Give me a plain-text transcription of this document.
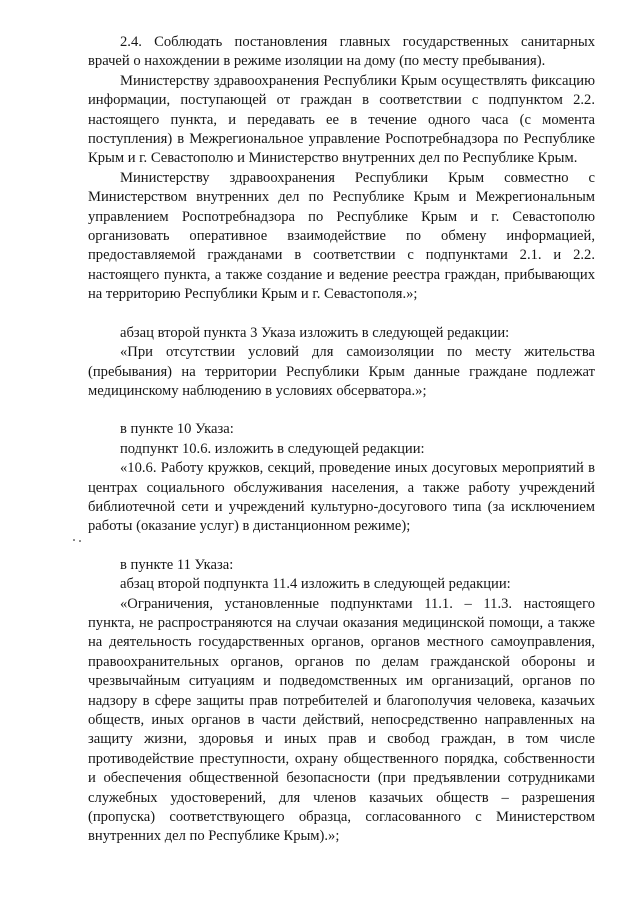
2.4. Соблюдать постановления главных государственных санитарных врачей о нахождении в режиме изоляции на дому (по месту пребывания).

Министерству здравоохранения Республики Крым осуществлять фиксацию информации, поступающей от граждан в соответствии с подпунктом 2.2. настоящего пункта, и передавать ее в течение одного часа (с момента поступления) в Межрегиональное управление Роспотребнадзора по Республике Крым и г. Севастополю и Министерство внутренних дел по Республике Крым.

Министерству здравоохранения Республики Крым совместно с Министерством внутренних дел по Республике Крым и Межрегиональным управлением Роспотребнадзора по Республике Крым и г. Севастополю организовать оперативное взаимодействие по обмену информацией, предоставляемой гражданами в соответствии с подпунктами 2.1. и 2.2. настоящего пункта, а также создание и ведение реестра граждан, прибывающих на территорию Республики Крым и г. Севастополя.»;

абзац второй пункта 3 Указа изложить в следующей редакции:

«При отсутствии условий для самоизоляции по месту жительства (пребывания) на территории Республики Крым данные граждане подлежат медицинскому наблюдению в условиях обсерватора.»;

в пункте 10 Указа:

подпункт 10.6. изложить в следующей редакции:

«10.6. Работу кружков, секций, проведение иных досуговых мероприятий в центрах социального обслуживания населения, а также работу учреждений библиотечной сети и учреждений культурно-досугового типа (за исключением работы (оказание услуг) в дистанционном режиме);

в пункте 11 Указа:

абзац второй подпункта 11.4 изложить в следующей редакции:

«Ограничения, установленные подпунктами 11.1. – 11.3. настоящего пункта, не распространяются на случаи оказания медицинской помощи, а также на деятельность государственных органов, органов местного самоуправления, правоохранительных органов, органов по делам гражданской обороны и чрезвычайным ситуациям и подведомственных им организаций, органов по надзору в сфере защиты прав потребителей и благополучия человека, казачьих обществ, иных органов в части действий, непосредственно направленных на защиту жизни, здоровья и иных прав и свобод граждан, в том числе противодействие преступности, охрану общественного порядка, собственности и обеспечения общественной безопасности (при предъявлении сотрудниками служебных удостоверений, для членов казачьих обществ – разрешения (пропуска) соответствующего образца, согласованного с Министерством внутренних дел по Республике Крым).»;
